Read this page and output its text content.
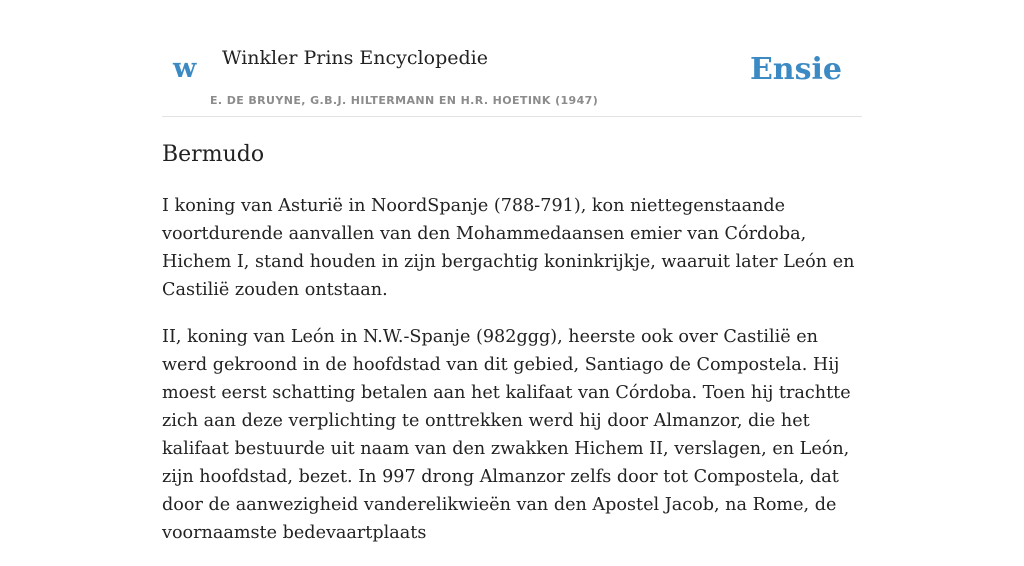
w Winkler Prins Encyclopedie
E. DE BRUYNE, G.B.J. HILTERMANN EN H.R. HOETINK (1947)
Ensie
Bermudo

I koning van Asturië in NoordSpanje (788-791), kon niettegenstaande voortdurende aanvallen van den Mohammedaansen emier van Córdoba, Hichem I, stand houden in zijn bergachtig koninkrijkje, waaruit later León en Castilië zouden ontstaan.

II, koning van León in N.W.-Spanje (982ggg), heerste ook over Castilië en werd gekroond in de hoofdstad van dit gebied, Santiago de Compostela. Hij moest eerst schatting betalen aan het kalifaat van Córdoba. Toen hij trachtte zich aan deze verplichting te onttrekken werd hij door Almanzor, die het kalifaat bestuurde uit naam van den zwakken Hichem II, verslagen, en León, zijn hoofdstad, bezet. In 997 drong Almanzor zelfs door tot Compostela, dat door de aanwezigheid vanderelikwieën van den Apostel Jacob, na Rome, de voornaamste bedevaartplaats
